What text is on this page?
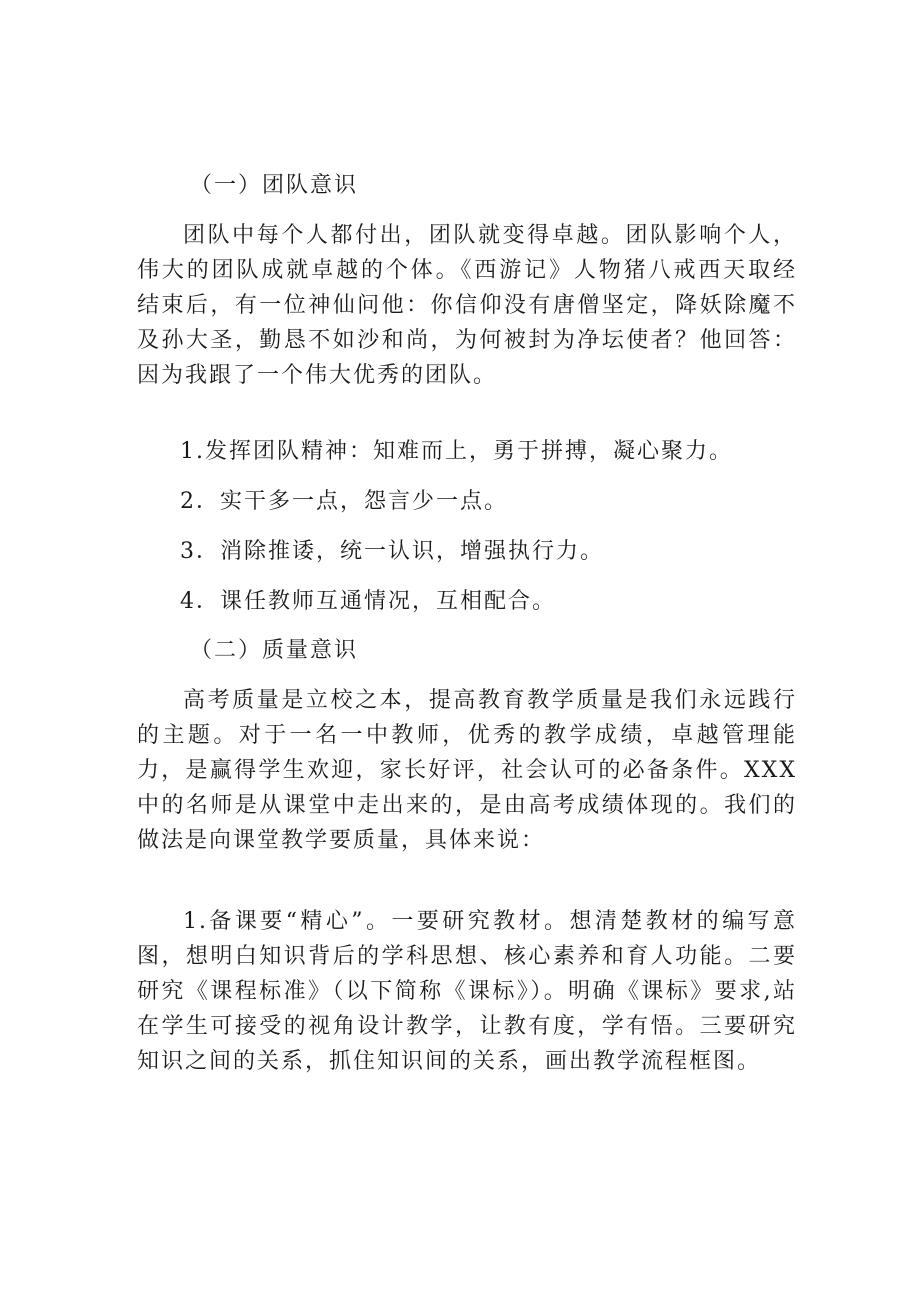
（一）团队意识
团队中每个人都付出，团队就变得卓越。团队影响个人，伟大的团队成就卓越的个体。《西游记》人物猪八戒西天取经结束后，有一位神仙问他：你信仰没有唐僧坚定，降妖除魔不及孙大圣，勤恳不如沙和尚，为何被封为净坛使者？他回答：因为我跟了一个伟大优秀的团队。
1.发挥团队精神：知难而上，勇于拼搏，凝心聚力。
2．实干多一点，怨言少一点。
3．消除推诿，统一认识，增强执行力。
4．课任教师互通情况，互相配合。
（二）质量意识
高考质量是立校之本，提高教育教学质量是我们永远践行的主题。对于一名一中教师，优秀的教学成绩，卓越管理能力，是赢得学生欢迎，家长好评，社会认可的必备条件。XXX中的名师是从课堂中走出来的，是由高考成绩体现的。我们的做法是向课堂教学要质量，具体来说：
1.备课要“精心”。一要研究教材。想清楚教材的编写意图，想明白知识背后的学科思想、核心素养和育人功能。二要研究《课程标准》（以下简称《课标》）。明确《课标》要求,站在学生可接受的视角设计教学，让教有度，学有悟。三要研究知识之间的关系，抓住知识间的关系，画出教学流程框图。
